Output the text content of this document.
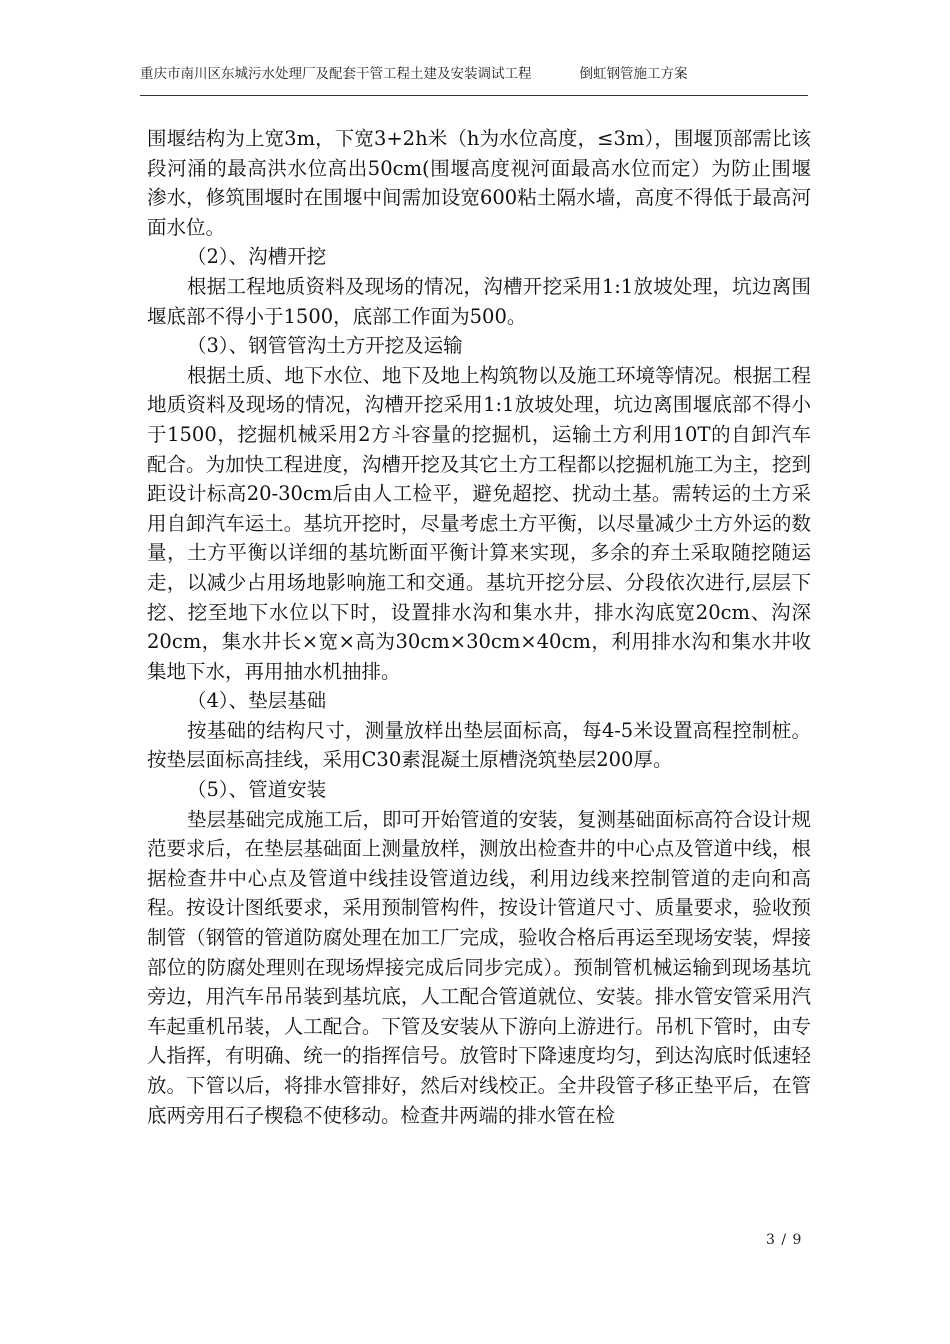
重庆市南川区东城污水处理厂及配套干管工程土建及安装调试工程	倒虹钢管施工方案

围堰结构为上宽3m，下宽3+2h米（h为水位高度，≤3m），围堰顶部需比该段河涌的最高洪水位高出50cm(围堰高度视河面最高水位而定）为防止围堰渗水，修筑围堰时在围堰中间需加设宽600粘土隔水墙，高度不得低于最高河面水位。

（2）、沟槽开挖

根据工程地质资料及现场的情况，沟槽开挖采用1:1放坡处理，坑边离围堰底部不得小于1500，底部工作面为500。

（3）、钢管管沟土方开挖及运输

根据土质、地下水位、地下及地上构筑物以及施工环境等情况。根据工程地质资料及现场的情况，沟槽开挖采用1:1放坡处理，坑边离围堰底部不得小于1500，挖掘机械采用2方斗容量的挖掘机，运输土方利用10T的自卸汽车配合。为加快工程进度，沟槽开挖及其它土方工程都以挖掘机施工为主，挖到距设计标高20-30cm后由人工检平，避免超挖、扰动土基。需转运的土方采用自卸汽车运土。基坑开挖时，尽量考虑土方平衡，以尽量减少土方外运的数量，土方平衡以详细的基坑断面平衡计算来实现，多余的弃土采取随挖随运走，以减少占用场地影响施工和交通。基坑开挖分层、分段依次进行,层层下挖、挖至地下水位以下时，设置排水沟和集水井，排水沟底宽20cm、沟深20cm，集水井长×宽×高为30cm×30cm×40cm，利用排水沟和集水井收集地下水，再用抽水机抽排。

（4）、垫层基础

按基础的结构尺寸，测量放样出垫层面标高，每4-5米设置高程控制桩。按垫层面标高挂线，采用C30素混凝土原槽浇筑垫层200厚。

（5）、管道安装

垫层基础完成施工后，即可开始管道的安装，复测基础面标高符合设计规范要求后，在垫层基础面上测量放样，测放出检查井的中心点及管道中线，根据检查井中心点及管道中线挂设管道边线，利用边线来控制管道的走向和高程。按设计图纸要求，采用预制管构件，按设计管道尺寸、质量要求，验收预制管（钢管的管道防腐处理在加工厂完成，验收合格后再运至现场安装，焊接部位的防腐处理则在现场焊接完成后同步完成）。预制管机械运输到现场基坑旁边，用汽车吊吊装到基坑底，人工配合管道就位、安装。排水管安管采用汽车起重机吊装，人工配合。下管及安装从下游向上游进行。吊机下管时，由专人指挥，有明确、统一的指挥信号。放管时下降速度均匀，到达沟底时低速轻放。下管以后，将排水管排好，然后对线校正。全井段管子移正垫平后，在管底两旁用石子楔稳不使移动。检查井两端的排水管在检

3 / 9
